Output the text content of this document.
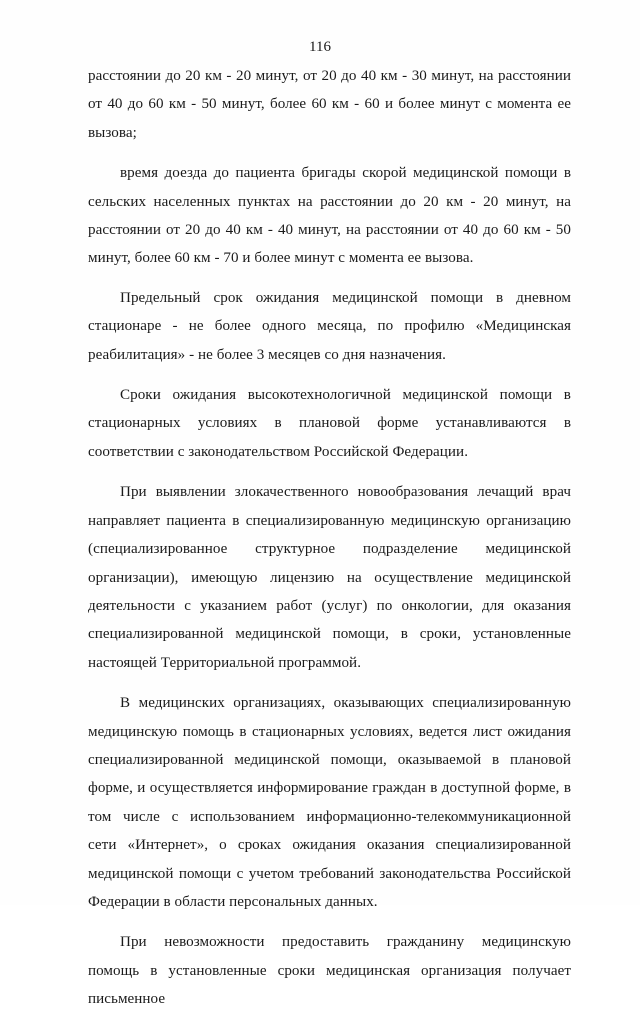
116

расстоянии до 20 км - 20 минут, от 20 до 40 км - 30 минут, на расстоянии от 40 до 60 км - 50 минут, более 60 км - 60 и более минут с момента ее вызова;

время доезда до пациента бригады скорой медицинской помощи в сельских населенных пунктах на расстоянии до 20 км - 20 минут, на расстоянии от 20 до 40 км - 40 минут, на расстоянии от 40 до 60 км - 50 минут, более 60 км - 70 и более минут с момента ее вызова.

Предельный срок ожидания медицинской помощи в дневном стационаре - не более одного месяца, по профилю «Медицинская реабилитация» - не более 3 месяцев со дня назначения.

Сроки ожидания высокотехнологичной медицинской помощи в стационарных условиях в плановой форме устанавливаются в соответствии с законодательством Российской Федерации.

При выявлении злокачественного новообразования лечащий врач направляет пациента в специализированную медицинскую организацию (специализированное структурное подразделение медицинской организации), имеющую лицензию на осуществление медицинской деятельности с указанием работ (услуг) по онкологии, для оказания специализированной медицинской помощи, в сроки, установленные настоящей Территориальной программой.

В медицинских организациях, оказывающих специализированную медицинскую помощь в стационарных условиях, ведется лист ожидания специализированной медицинской помощи, оказываемой в плановой форме, и осуществляется информирование граждан в доступной форме, в том числе с использованием информационно-телекоммуникационной сети «Интернет», о сроках ожидания оказания специализированной медицинской помощи с учетом требований законодательства Российской Федерации в области персональных данных.

При невозможности предоставить гражданину медицинскую помощь в установленные сроки медицинская организация получает письменное
